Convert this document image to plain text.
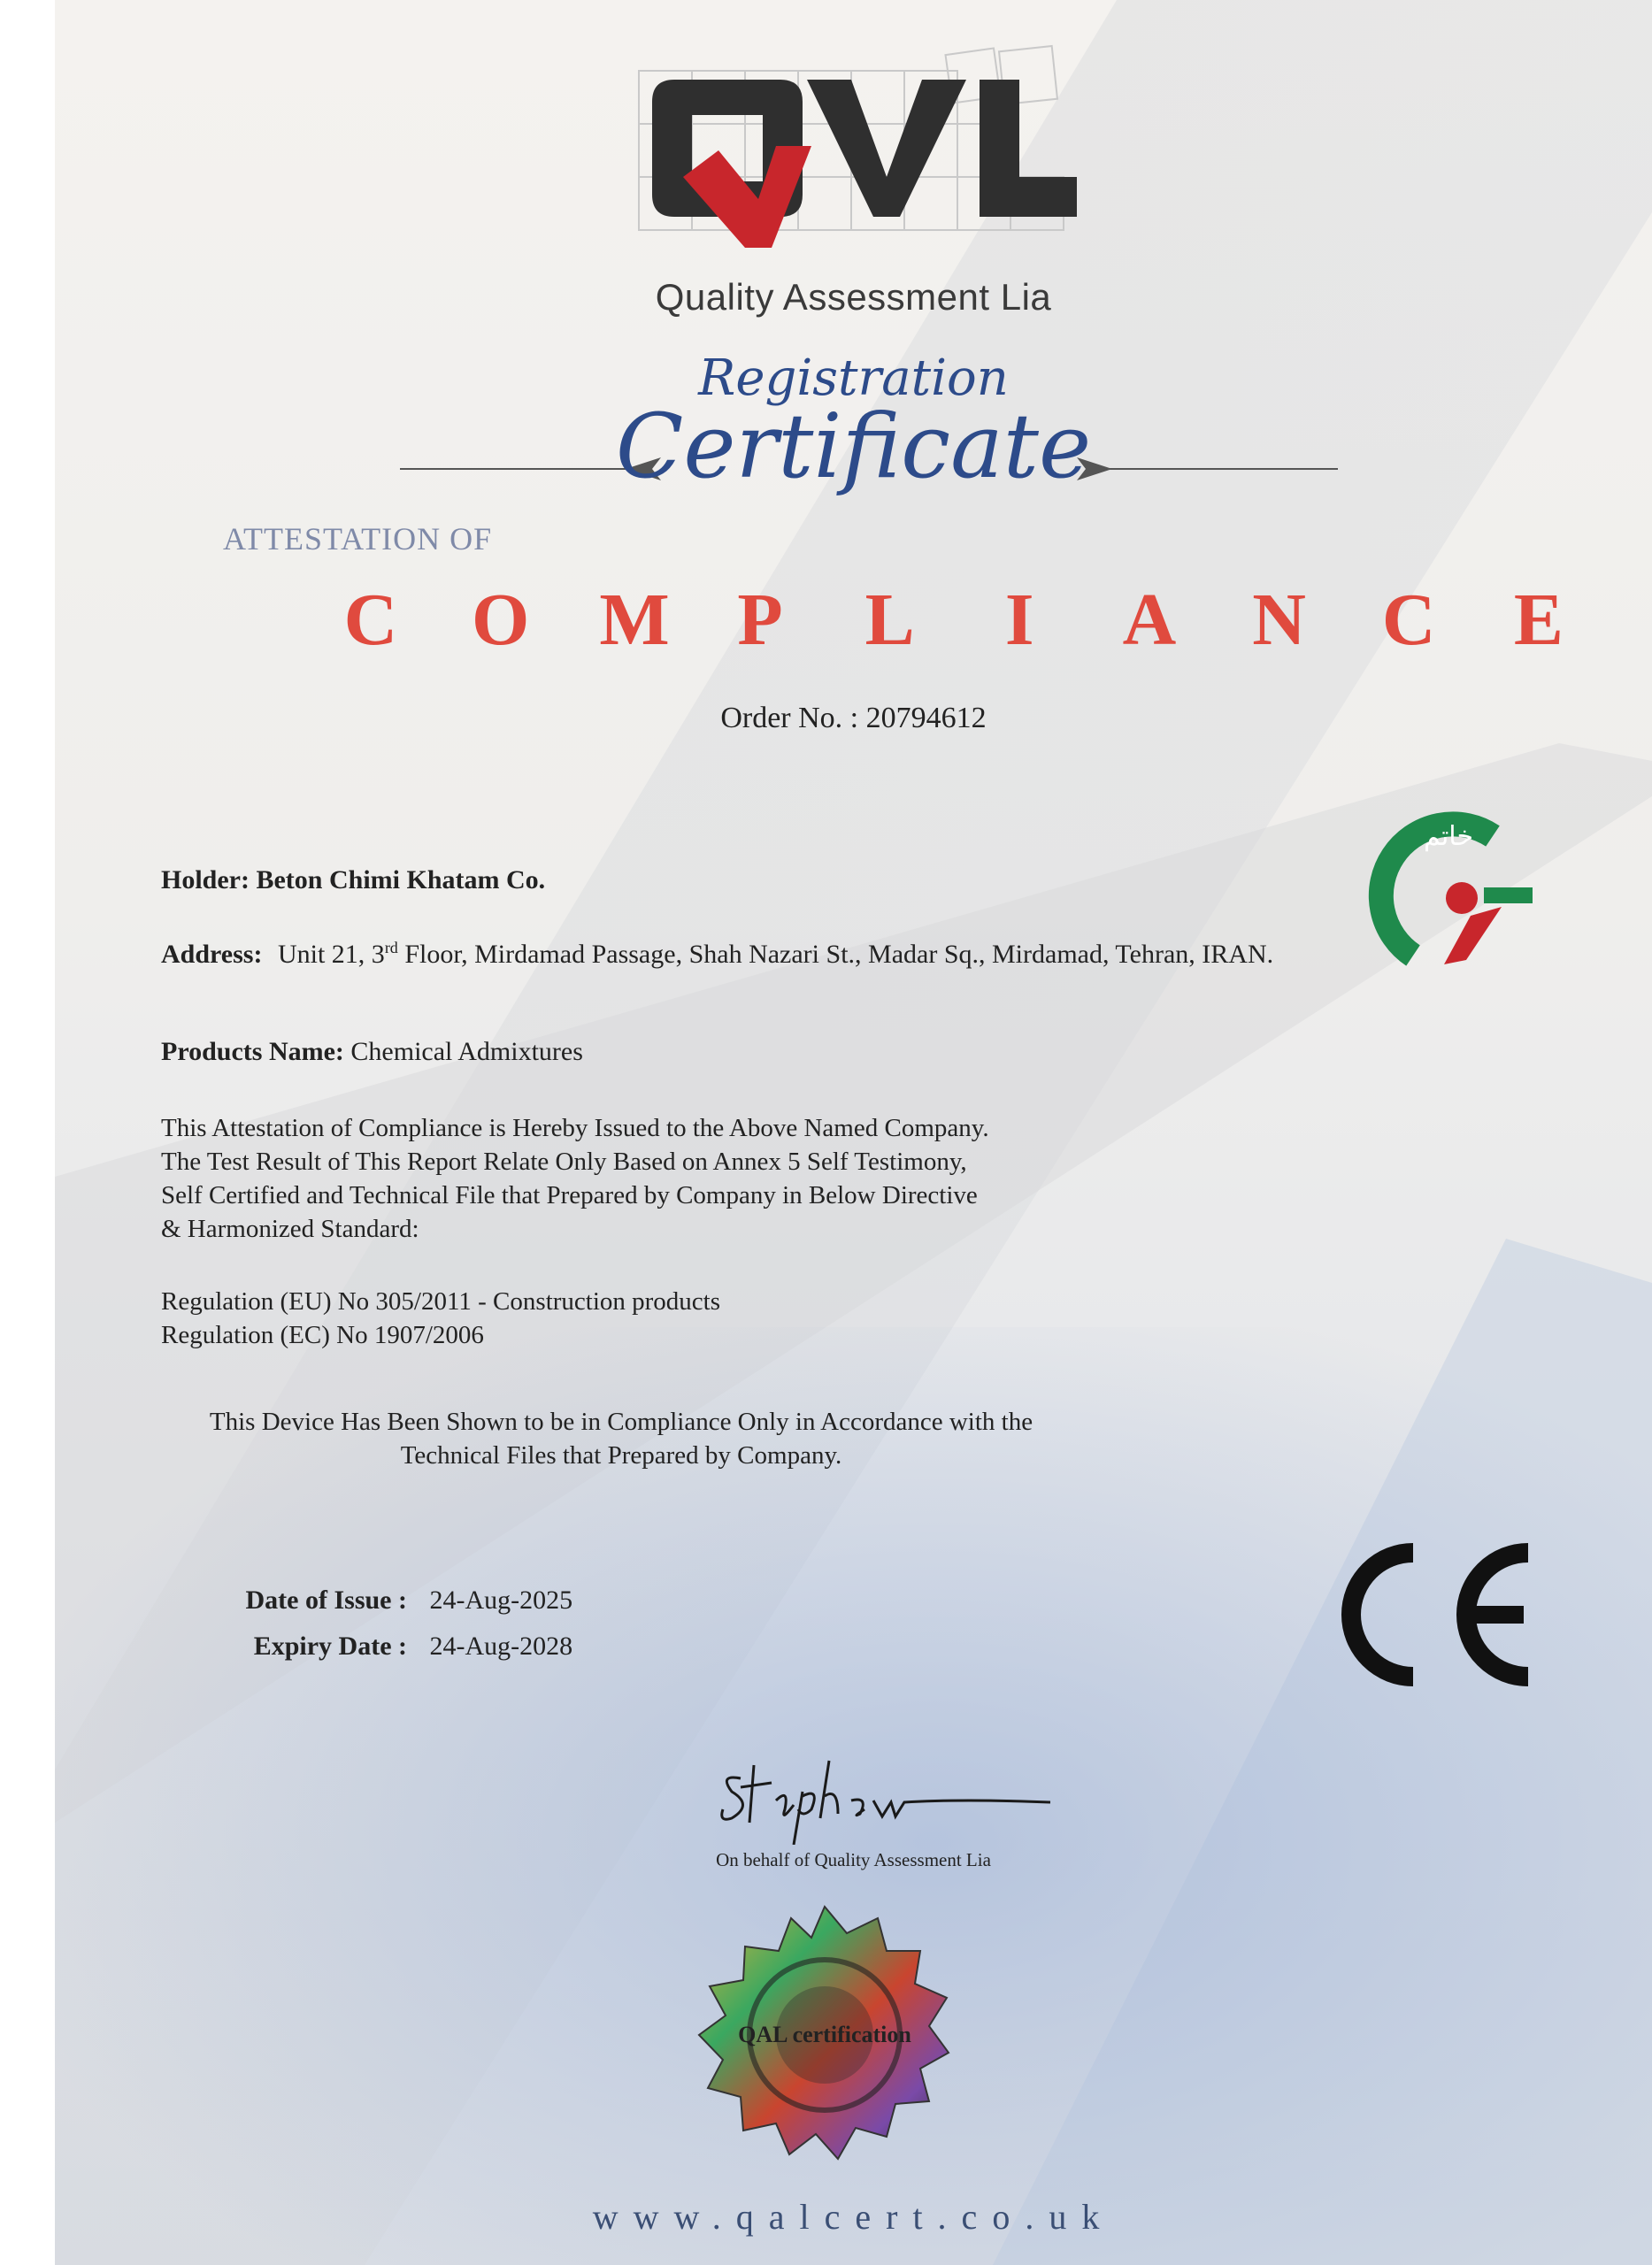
Quality Assessment Lia
Registration
Certificate
ATTESTATION OF
C O M P L I A N C E
Order No. : 20794612
خاتم
Holder: Beton Chimi Khatam Co.
Address: Unit 21, 3rd Floor, Mirdamad Passage, Shah Nazari St., Madar Sq., Mirdamad, Tehran, IRAN.
Products Name: Chemical Admixtures
This Attestation of Compliance is Hereby Issued to the Above Named Company.
The Test Result of This Report Relate Only Based on Annex 5 Self Testimony,
Self Certified and Technical File that Prepared by Company in Below Directive
& Harmonized Standard:
Regulation (EU) No 305/2011 - Construction products
Regulation (EC) No 1907/2006
This Device Has Been Shown to be in Compliance Only in Accordance with the
Technical Files that Prepared by Company.
Date of Issue : 24-Aug-2025
Expiry Date : 24-Aug-2028
On behalf of Quality Assessment Lia
QAL certification
www.qalcert.co.uk
